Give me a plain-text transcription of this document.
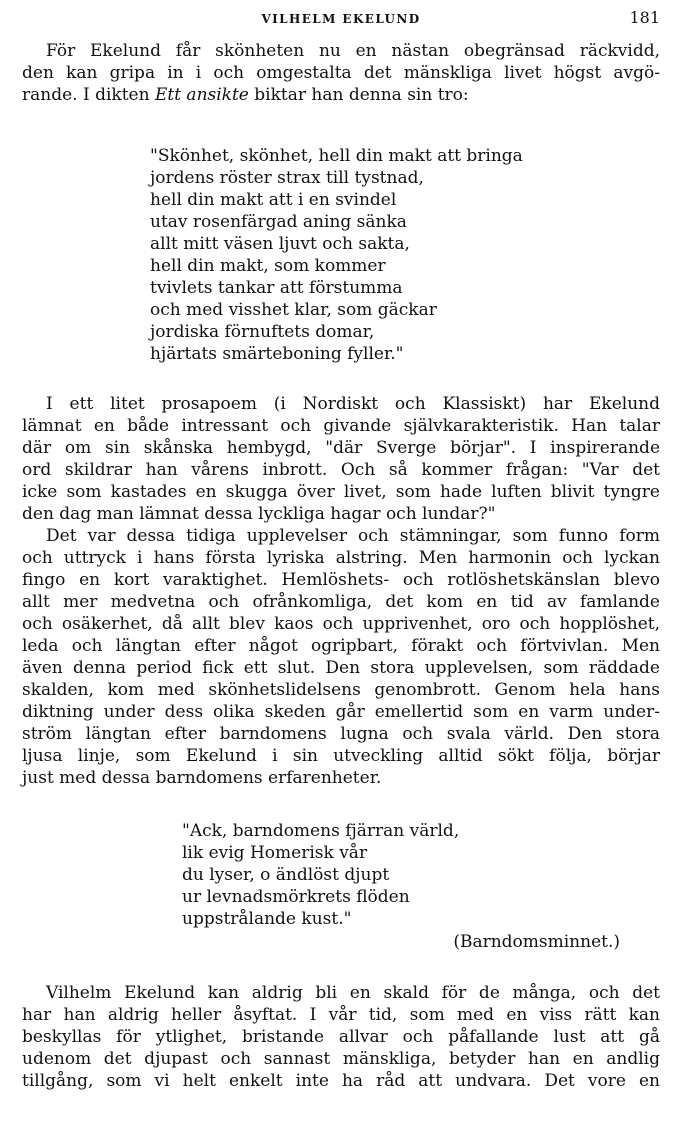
VILHELM EKELUND	181
För Ekelund får skönheten nu en nästan obegränsad räckvidd,
den kan gripa in i och omgestalta det mänskliga livet högst avgö-
rande. I dikten Ett ansikte biktar han denna sin tro:
"Skönhet, skönhet, hell din makt att bringa
jordens röster strax till tystnad,
hell din makt att i en svindel
utav rosenfärgad aning sänka
allt mitt väsen ljuvt och sakta,
hell din makt, som kommer
tvivlets tankar att förstumma
och med visshet klar, som gäckar
jordiska förnuftets domar,
hjärtats smärteboning fyller."
I ett litet prosapoem (i Nordiskt och Klassiskt) har Ekelund
lämnat en både intressant och givande självkarakteristik. Han talar
där om sin skånska hembygd, "där Sverge börjar". I inspirerande
ord skildrar han vårens inbrott. Och så kommer frågan: "Var det
icke som kastades en skugga över livet, som hade luften blivit tyngre
den dag man lämnat dessa lyckliga hagar och lundar?"
Det var dessa tidiga upplevelser och stämningar, som funno form
och uttryck i hans första lyriska alstring. Men harmonin och lyckan
fingo en kort varaktighet. Hemlöshets- och rotlöshetskänslan blevo
allt mer medvetna och ofrånkomliga, det kom en tid av famlande
och osäkerhet, då allt blev kaos och upprivenhet, oro och hopplöshet,
leda och längtan efter något ogripbart, förakt och förtvivlan. Men
även denna period fick ett slut. Den stora upplevelsen, som räddade
skalden, kom med skönhetslidelsens genombrott. Genom hela hans
diktning under dess olika skeden går emellertid som en varm under-
ström längtan efter barndomens lugna och svala värld. Den stora
ljusa linje, som Ekelund i sin utveckling alltid sökt följa, börjar
just med dessa barndomens erfarenheter.
"Ack, barndomens fjärran värld,
lik evig Homerisk vår
du lyser, o ändlöst djupt
ur levnadsmörkrets flöden
uppstrålande kust."
(Barndomsminnet.)
Vilhelm Ekelund kan aldrig bli en skald för de många, och det
har han aldrig heller åsyftat. I vår tid, som med en viss rätt kan
beskyllas för ytlighet, bristande allvar och påfallande lust att gå
udenom det djupast och sannast mänskliga, betyder han en andlig
tillgång, som vi helt enkelt inte ha råd att undvara. Det vore en
